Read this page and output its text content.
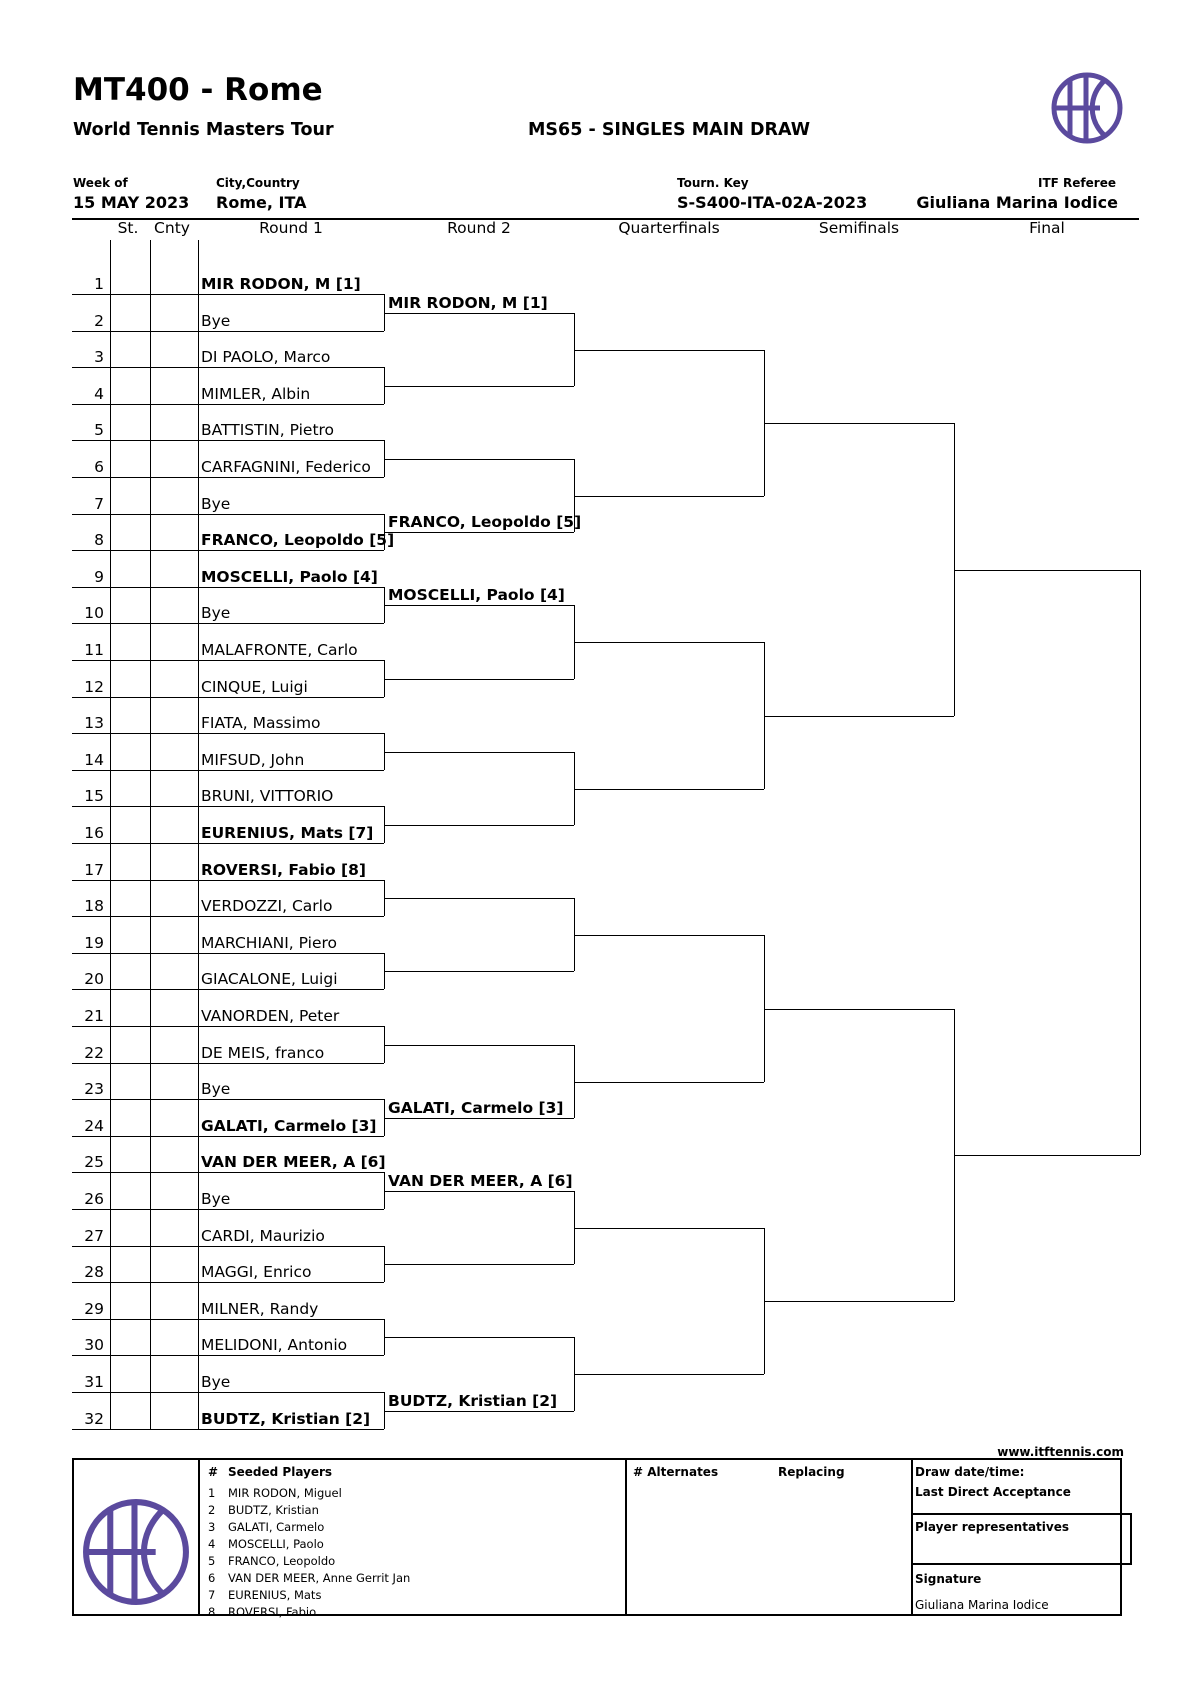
MT400 - Rome
World Tennis Masters Tour	MS65 - SINGLES MAIN DRAW
Week of
15 MAY 2023
City,Country
Rome, ITA
Tourn. Key
S-S400-ITA-02A-2023
ITF Referee
Giuliana Marina Iodice
St.	Cnty	Round 1	Round 2	Quarterfinals	Semifinals	Final
1	MIR RODON, M [1]
2	Bye
3	DI PAOLO, Marco
4	MIMLER, Albin
5	BATTISTIN, Pietro
6	CARFAGNINI, Federico
7	Bye
8	FRANCO, Leopoldo [5]
9	MOSCELLI, Paolo [4]
10	Bye
11	MALAFRONTE, Carlo
12	CINQUE, Luigi
13	FIATA, Massimo
14	MIFSUD, John
15	BRUNI, VITTORIO
16	EURENIUS, Mats [7]
17	ROVERSI, Fabio [8]
18	VERDOZZI, Carlo
19	MARCHIANI, Piero
20	GIACALONE, Luigi
21	VANORDEN, Peter
22	DE MEIS, franco
23	Bye
24	GALATI, Carmelo [3]
25	VAN DER MEER, A [6]
26	Bye
27	CARDI, Maurizio
28	MAGGI, Enrico
29	MILNER, Randy
30	MELIDONI, Antonio
31	Bye
32	BUDTZ, Kristian [2]
MIR RODON, M [1]
FRANCO, Leopoldo [5]
MOSCELLI, Paolo [4]
GALATI, Carmelo [3]
VAN DER MEER, A [6]
BUDTZ, Kristian [2]
www.itftennis.com
# Seeded Players
1 MIR RODON, Miguel
2 BUDTZ, Kristian
3 GALATI, Carmelo
4 MOSCELLI, Paolo
5 FRANCO, Leopoldo
6 VAN DER MEER, Anne Gerrit Jan
7 EURENIUS, Mats
8 ROVERSI, Fabio
# Alternates	Replacing	Draw date/time:
Last Direct Acceptance
Player representatives
Signature
Giuliana Marina Iodice
